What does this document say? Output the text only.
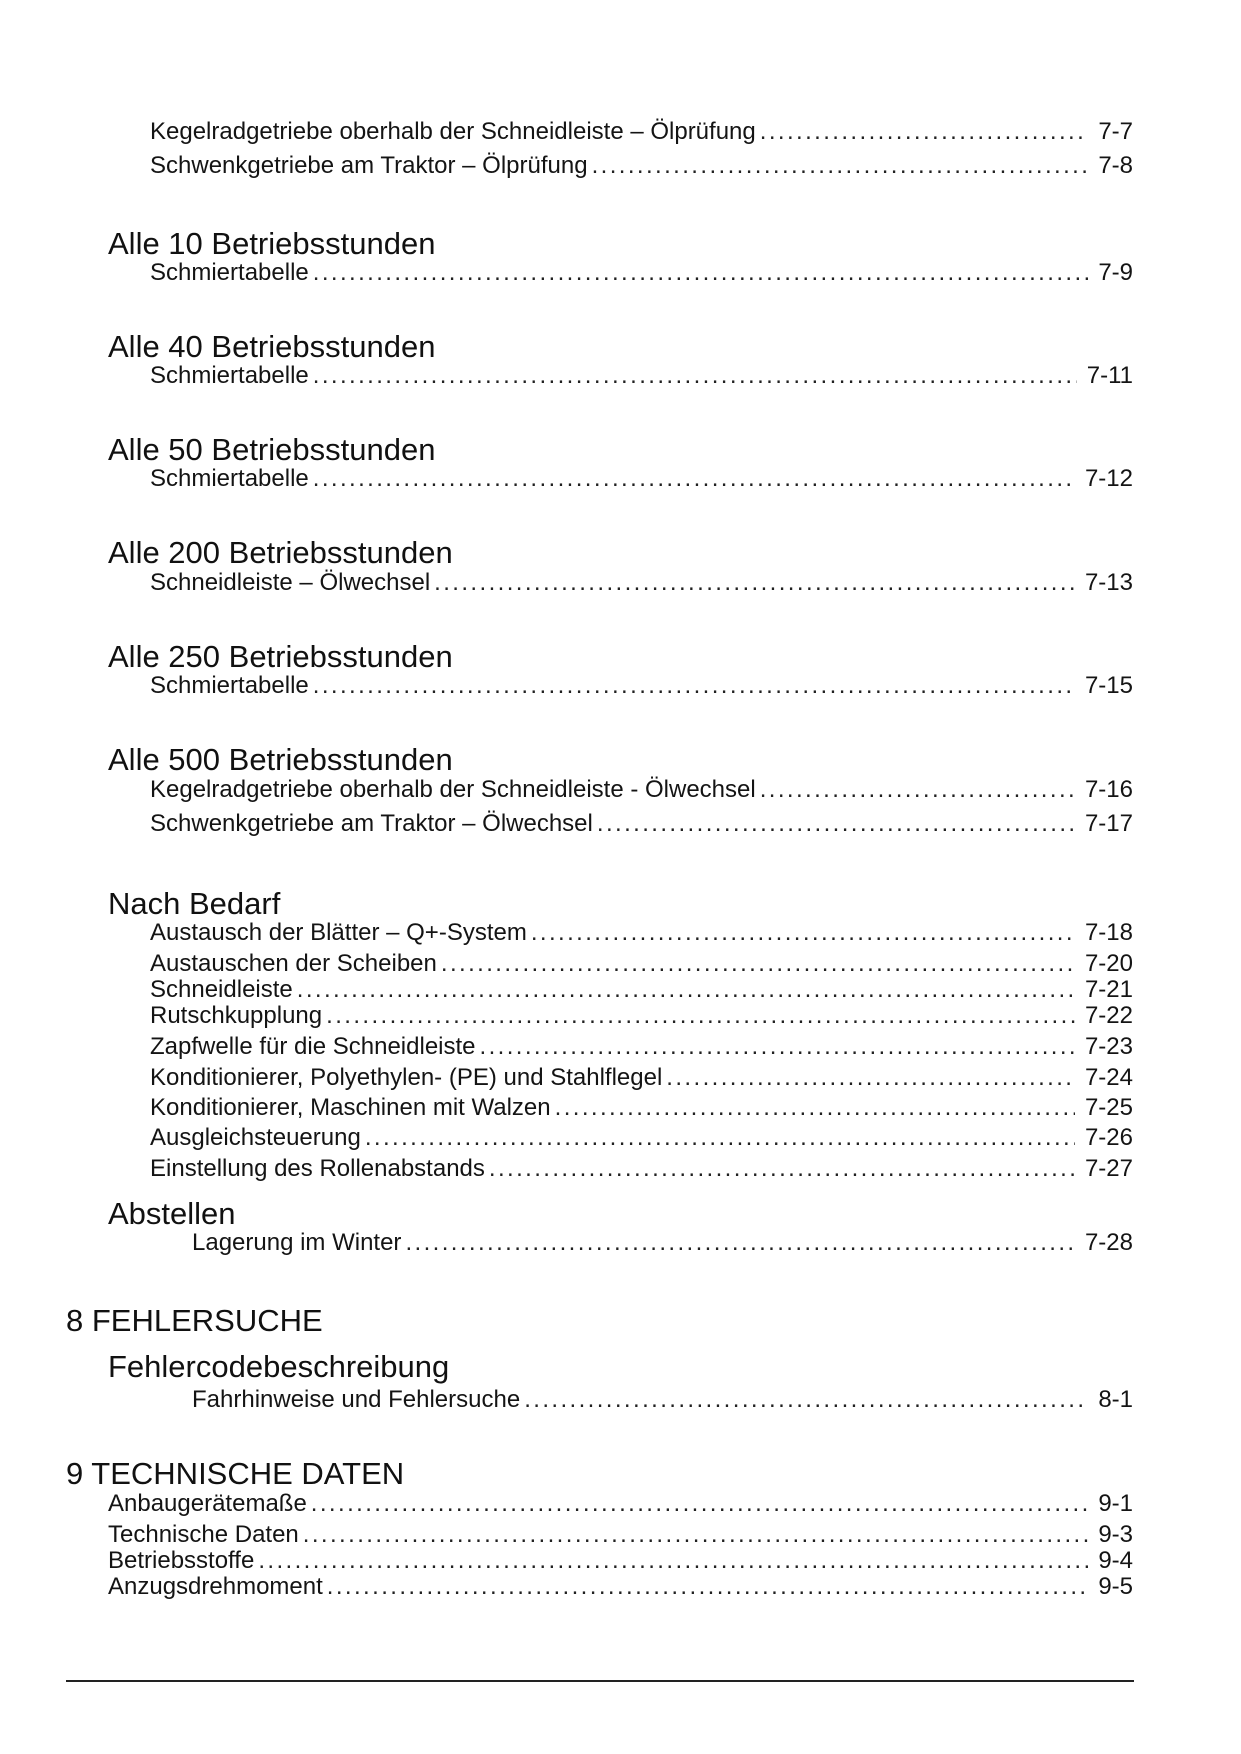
Kegelradgetriebe oberhalb der Schneidleiste – Ölprüfung .....	7-7
Schwenkgetriebe am Traktor – Ölprüfung .....	7-8
Alle 10 Betriebsstunden
Schmiertabelle .....	7-9
Alle 40 Betriebsstunden
Schmiertabelle .....	7-11
Alle 50 Betriebsstunden
Schmiertabelle .....	7-12
Alle 200 Betriebsstunden
Schneidleiste – Ölwechsel .....	7-13
Alle 250 Betriebsstunden
Schmiertabelle .....	7-15
Alle 500 Betriebsstunden
Kegelradgetriebe oberhalb der Schneidleiste - Ölwechsel .....	7-16
Schwenkgetriebe am Traktor – Ölwechsel .....	7-17
Nach Bedarf
Austausch der Blätter – Q+-System .....	7-18
Austauschen der Scheiben .....	7-20
Schneidleiste .....	7-21
Rutschkupplung .....	7-22
Zapfwelle für die Schneidleiste .....	7-23
Konditionierer, Polyethylen- (PE) und Stahlflegel .....	7-24
Konditionierer, Maschinen mit Walzen .....	7-25
Ausgleichsteuerung .....	7-26
Einstellung des Rollenabstands .....	7-27
Abstellen
Lagerung im Winter .....	7-28
8 FEHLERSUCHE
Fehlercodebeschreibung
Fahrhinweise und Fehlersuche .....	8-1
9 TECHNISCHE DATEN
Anbaugerätemaße .....	9-1
Technische Daten .....	9-3
Betriebsstoffe .....	9-4
Anzugsdrehmoment .....	9-5
